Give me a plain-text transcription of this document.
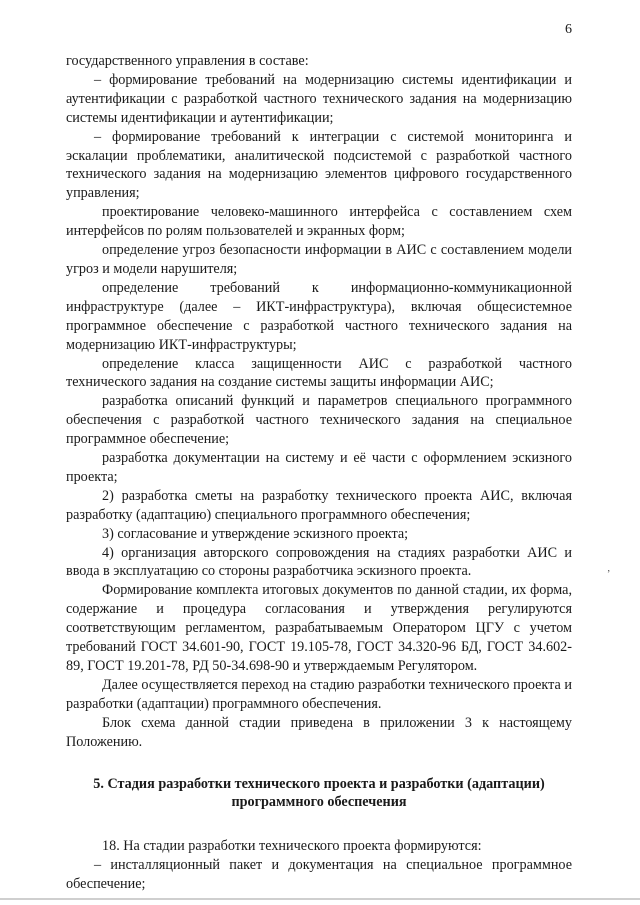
6

государственного управления в составе:

– формирование требований на модернизацию системы идентификации и аутентификации с разработкой частного технического задания на модернизацию системы идентификации и аутентификации;

– формирование требований к интеграции с системой мониторинга и эскалации проблематики, аналитической подсистемой с разработкой частного технического задания на модернизацию элементов цифрового государственного управления;

проектирование человеко-машинного интерфейса с составлением схем интерфейсов по ролям пользователей и экранных форм;

определение угроз безопасности информации в АИС с составлением модели угроз и модели нарушителя;

определение требований к информационно-коммуникационной инфраструктуре (далее – ИКТ-инфраструктура), включая общесистемное программное обеспечение с разработкой частного технического задания на модернизацию ИКТ-инфраструктуры;

определение класса защищенности АИС с разработкой частного технического задания на создание системы защиты информации АИС;

разработка описаний функций и параметров специального программного обеспечения с разработкой частного технического задания на специальное программное обеспечение;

разработка документации на систему и её части с оформлением эскизного проекта;

2) разработка сметы на разработку технического проекта АИС, включая разработку (адаптацию) специального программного обеспечения;

3) согласование и утверждение эскизного проекта;

4) организация авторского сопровождения на стадиях разработки АИС и ввода в эксплуатацию со стороны разработчика эскизного проекта.

Формирование комплекта итоговых документов по данной стадии, их форма, содержание и процедура согласования и утверждения регулируются соответствующим регламентом, разрабатываемым Оператором ЦГУ с учетом требований ГОСТ 34.601-90, ГОСТ 19.105-78, ГОСТ 34.320-96 БД, ГОСТ 34.602-89, ГОСТ 19.201-78, РД 50-34.698-90 и утверждаемым Регулятором.

Далее осуществляется переход на стадию разработки технического проекта и разработки (адаптации) программного обеспечения.

Блок схема данной стадии приведена в приложении 3 к настоящему Положению.

5. Стадия разработки технического проекта и разработки (адаптации)
программного обеспечения

18. На стадии разработки технического проекта формируются:

– инсталляционный пакет и документация на специальное программное обеспечение;

’
